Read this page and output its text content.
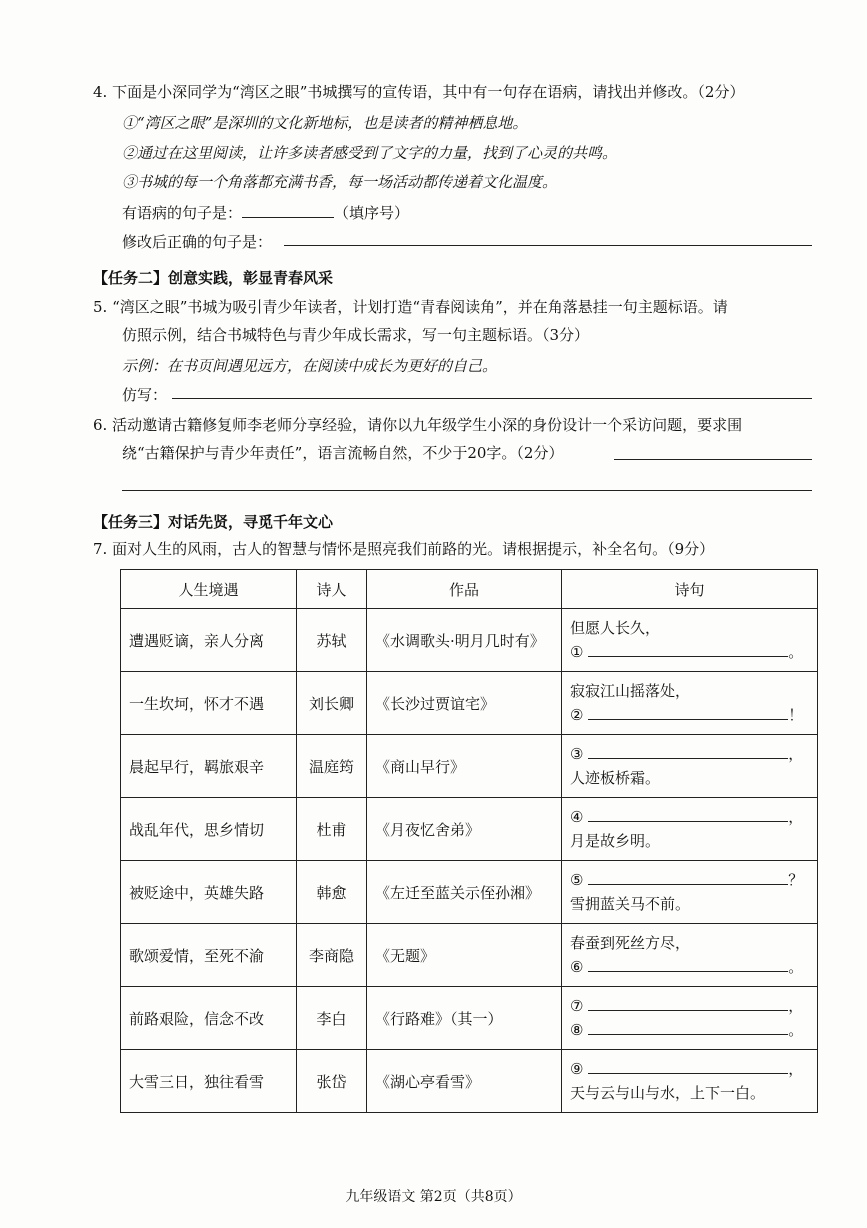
4. 下面是小深同学为“湾区之眼”书城撰写的宣传语，其中有一句存在语病，请找出并修改。（2分）
①“湾区之眼”是深圳的文化新地标，也是读者的精神栖息地。
②通过在这里阅读，让许多读者感受到了文字的力量，找到了心灵的共鸣。
③书城的每一个角落都充满书香，每一场活动都传递着文化温度。
有语病的句子是：	（填序号）
修改后正确的句子是：
【任务二】创意实践，彰显青春风采
5. “湾区之眼”书城为吸引青少年读者，计划打造“青春阅读角”，并在角落悬挂一句主题标语。请
仿照示例，结合书城特色与青少年成长需求，写一句主题标语。（3分）
示例：在书页间遇见远方，在阅读中成长为更好的自己。
仿写：
6. 活动邀请古籍修复师李老师分享经验，请你以九年级学生小深的身份设计一个采访问题，要求围
绕“古籍保护与青少年责任”，语言流畅自然，不少于20字。（2分）
【任务三】对话先贤，寻觅千年文心
7. 面对人生的风雨，古人的智慧与情怀是照亮我们前路的光。请根据提示，补全名句。（9分）
人生境遇	诗人	作品	诗句
遭遇贬谪，亲人分离	苏轼	《水调歌头·明月几时有》	但愿人长久，
① 。

一生坎坷，怀才不遇	刘长卿	《长沙过贾谊宅》	寂寂江山摇落处，
② ！

晨起早行，羁旅艰辛	温庭筠	《商山早行》	③ ，
人迹板桥霜。

战乱年代，思乡情切	杜甫	《月夜忆舍弟》	④ ，
月是故乡明。

被贬途中，英雄失路	韩愈	《左迁至蓝关示侄孙湘》	⑤ ？
雪拥蓝关马不前。

歌颂爱情，至死不渝	李商隐	《无题》	春蚕到死丝方尽，
⑥ 。

前路艰险，信念不改	李白	《行路难》（其一）	⑦ ，
⑧ 。

大雪三日，独往看雪	张岱	《湖心亭看雪》	⑨ ，
天与云与山与水，上下一白。
九年级语文 第2页（共8页）
